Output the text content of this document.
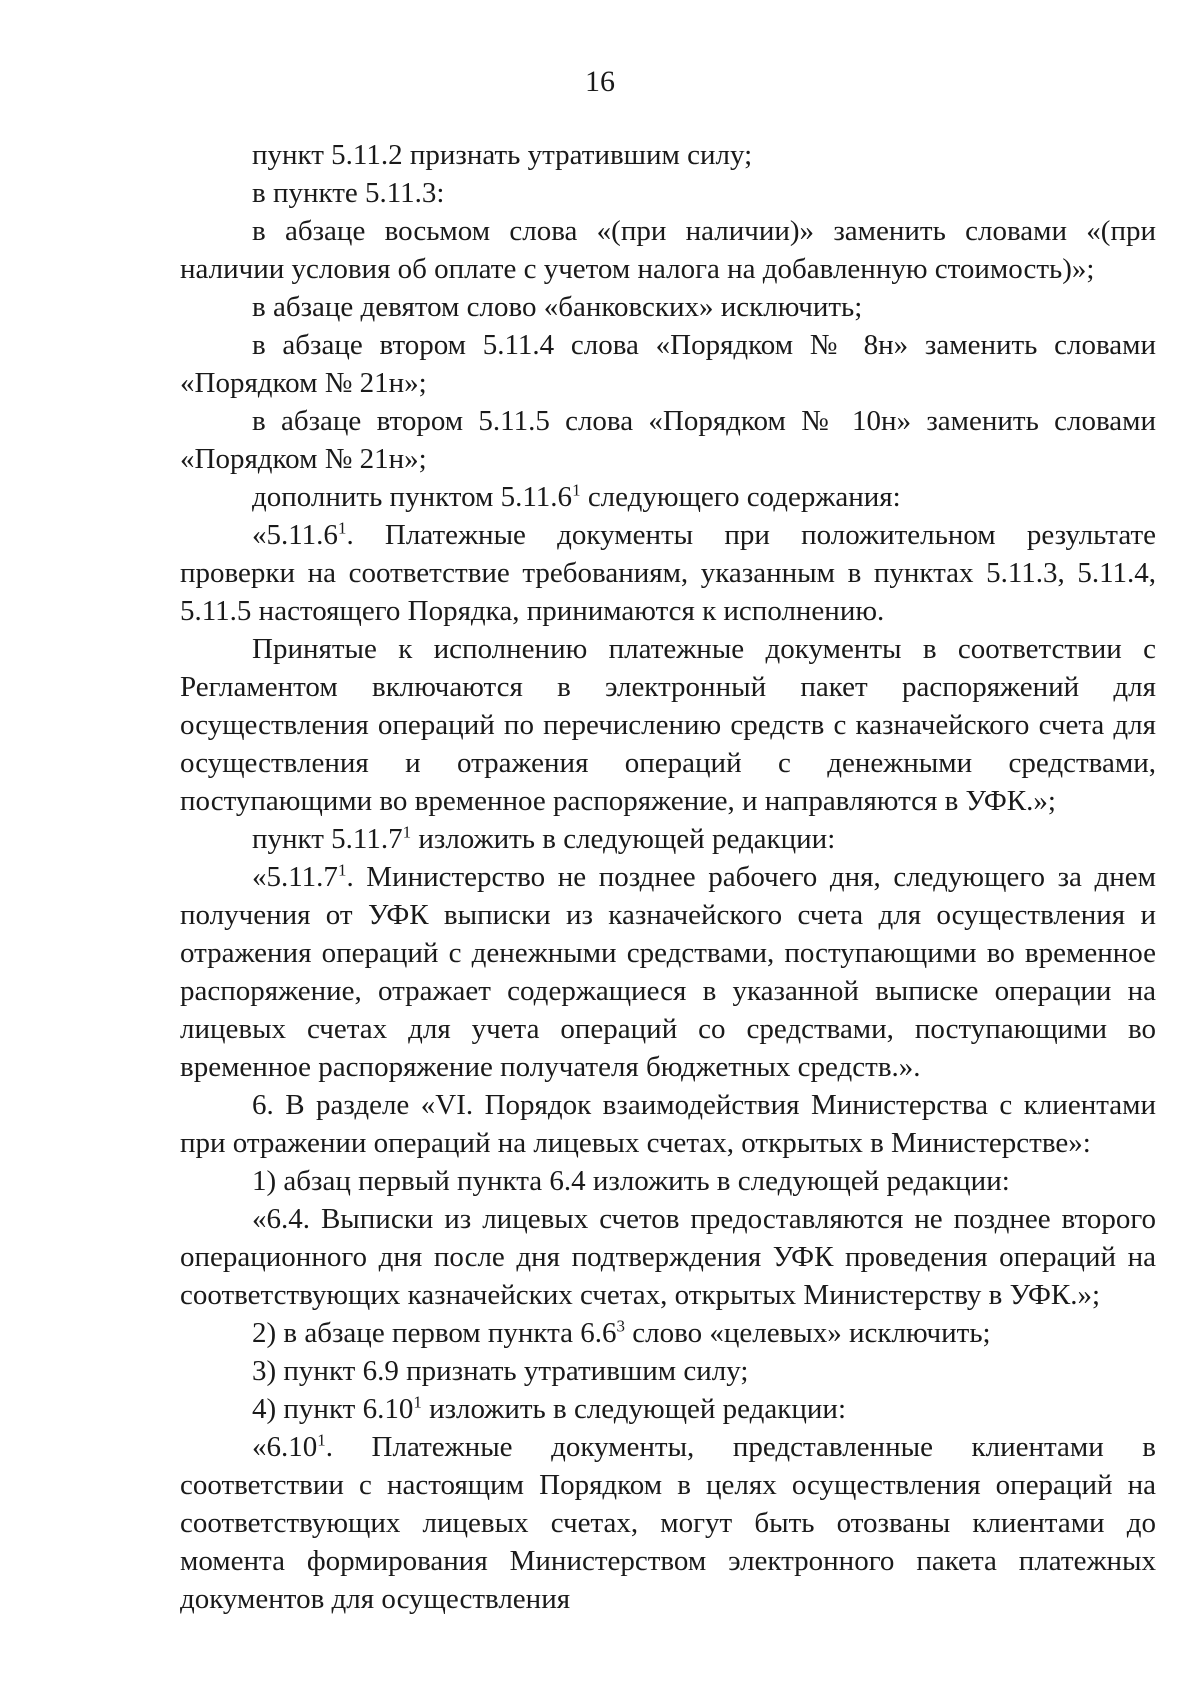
16

пункт 5.11.2 признать утратившим силу;

в пункте 5.11.3:

в абзаце восьмом слова «(при наличии)» заменить словами «(при наличии условия об оплате с учетом налога на добавленную стоимость)»;

в абзаце девятом слово «банковских» исключить;

в абзаце втором 5.11.4 слова «Порядком № 8н» заменить словами «Порядком № 21н»;

в абзаце втором 5.11.5 слова «Порядком № 10н» заменить словами «Порядком № 21н»;

дополнить пунктом 5.11.6$^1$ следующего содержания:

«5.11.6$^1$. Платежные документы при положительном результате проверки на соответствие требованиям, указанным в пунктах 5.11.3, 5.11.4, 5.11.5 настоящего Порядка, принимаются к исполнению.

Принятые к исполнению платежные документы в соответствии с Регламентом включаются в электронный пакет распоряжений для осуществления операций по перечислению средств с казначейского счета для осуществления и отражения операций с денежными средствами, поступающими во временное распоряжение, и направляются в УФК.»;

пункт 5.11.7$^1$ изложить в следующей редакции:

«5.11.7$^1$. Министерство не позднее рабочего дня, следующего за днем получения от УФК выписки из казначейского счета для осуществления и отражения операций с денежными средствами, поступающими во временное распоряжение, отражает содержащиеся в указанной выписке операции на лицевых счетах для учета операций со средствами, поступающими во временное распоряжение получателя бюджетных средств.».

6. В разделе «VI. Порядок взаимодействия Министерства с клиентами при отражении операций на лицевых счетах, открытых в Министерстве»:

1) абзац первый пункта 6.4 изложить в следующей редакции:

«6.4. Выписки из лицевых счетов предоставляются не позднее второго операционного дня после дня подтверждения УФК проведения операций на соответствующих казначейских счетах, открытых Министерству в УФК.»;

2) в абзаце первом пункта $6.6^3$ слово «целевых» исключить;

3) пункт 6.9 признать утратившим силу;

4) пункт 6.10$^1$ изложить в следующей редакции:

«6.10$^1$. Платежные документы, представленные клиентами в соответствии с настоящим Порядком в целях осуществления операций на соответствующих лицевых счетах, могут быть отозваны клиентами до момента формирования Министерством электронного пакета платежных документов для осуществления
